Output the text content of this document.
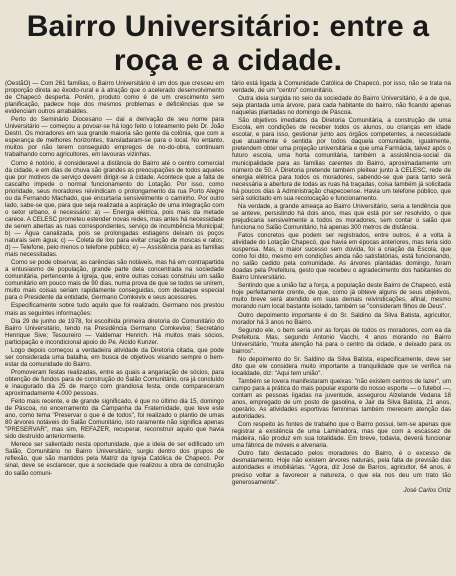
Bairro Universitário: entre a
roça e a cidade.

(OestãO) — Com 261 famílias, o Bairro Universitário é um dos que cresceu em proporção direta ao êxodo-rural e à atração que o acelerado desenvolvimento de Chapecó desperta. Porém, produto como é de um crescimento sem planificação, padece hoje dos mesmos problemas e deficiências que se evidenciam outros arrabaldes.

Perto do Seminário Diocesano — daí a derivação de seu nome para Universitário — começou a povoar-se há logo feito o loteamento pelo Dr. João Destri. Os moradores em sua grande maioria são gente da colônia, que com a esperança de melhores horizontes, transladaram-se para o local. No entanto, muitos por não terem conseguido empregos de no-do-obra, continuam trabalhando como agricultores, em lavouras vizinhas.

Como é notório, é consideravel a distância do Bairro até o centro comercial da cidade, e em dias de chuva são grandes as preocupações de todos aqueles que por motivos de serviço devem dirigir-se à cidade. Acontece que a falta de cascalho impede o normal funcionamento do Lotação. Por isso, como prioridade, seus moradores reivindicam o prolongamento da rua Porto Alegre ou da Fernando Machado, que encurtaria sensivelmente o caminho. Por outro lado, sabe-se que, para que seja realizada a aspiração de uma integração com o setor urbano, é necessário: a) — Energia elétrica, pois mais da metade carece. A CELESC prometeu estender novas redes, mas antes há necessidade de serem abertas as ruas correspondentes, serviço de incumbência Municipal; b) — Água canalizada, pois se prolongadas estiagens deixam os poços naturais sem água; c) — Coleta de lixo para evitar criação de moscas e ratos; d) — Telefone, pelo menos o telefone público; e) — Assistência para as famílias mais necessitadas.

Como se pode observar, as carências são notáveis, mas há em contrapartida a entusiasmo de população, grande parte dela concentrada na sociedade comunitária, pertencente à Igreja, que, entre outras coisas construiu um salão comunitário em pouco mais de 90 dias, numa prova de que se todos se unirem, muito mais coisas seriam rapidamente conseguidas, com destaque especial para o Presidente da entidade, Germano Comkevix e seus acessores.

Especificamente sobre tudo aquilo que foi realizado, Germano nos prestou mais as seguintes informações:

Dia 29 de junho de 1978, foi escolhida primeira diretoria do Comunitário do Bairro Universitário, tendo na Presidência Germano Comkevixe; Secretário Henrique Sive; Tesoureiro — Valdemar Henrich. Há muitos mais sócios, participação e incondicional apoio do Pe. Alcido Kunzer.

Logo depois começou a verdadeira atividade da Diretoria citada, que pode ser considerada uma batalha, em busca de objetivos visando sempre o bem-estar da comunidade do Bairro.

Promoveram festas realizadas, entre as quais a angariação de sócios, para obtenção de fundos para de construção do Salão Comunitário, ora já concluído e inaugurado dia 25 de março com grandiosa festa, onde compareceram aproximadamente 4.000 pessoas.

Feito mais recente, e de grande significado, é que no último dia 15, domingo de Páscoa, no encerramento da Campanha da Fraternidade, que teve este ano, como tema "Preservar o que é de todos", foi realizado o plantio de umas 80 árvores notáveis do Salão Comunitário, isto raramente não significa apenas "PRESERVAR", mas sim, REFAZER, recuperar, reconstruir aquilo que havia sido destruído anteriormente.

Merece ser salientado nesta oportunidade, que a ideia de ser edificado um Salão, Comunitário no Bairro Universitário, surgiu dentro dos grupos de reflexão, que são mantidos pela Matriz da Igreja Católica de Chapecó. Por sinal, deve se esclarecer, que a sociedade que realizou a obra de construção do salão comuni-

tário está ligada à Comunidade Católica de Chapecó, por isso, não se trata na verdade, de um "centro" comunitário.

Outra ideia surgida no seio da sociedade do Bairro Universitário, é a de que, seja plantada uma árvore, para cada habitante do bairro, não ficando apenas naquelas plantadas no domingo de Páscoa.

São objetivos imediatos da Diretoria Comunitária, a construção de uma Escola, em condições de receber todos os alunos, ou crianças em idade escolar, e para isso, gestionar junto aos órgãos competentes, a necessidade que atualmente é sentida por todos daquela comunidade, igualmente, pretendem obter uma projeção universitária e que uma Farmácia, talvez após o futuro escola, uma horta comunitária, também a assistência-social da municipalidade para as famílias carentes do Bairro, aproximadamente um número de 50. A Diretoria pretende também pleitear junto à CELESC, rede de energia elétrica para todos os moradores, sabendo-se que para tanto será necessária a abertura de todas as ruas há traçadas, coisa também já solicitada há poucos dias à Administração chapecoense. Havia um telefone público, que será solicitado em sua recolocação e funcionamento.

Na verdade, a grande ameaça ao Bairro Universitário, seria a tendência que se anteve, persistindo há dois anos, mas que está por ser resolvido, o que prejudicaria sensivelmente a todos os moradores, sem contar o salão que funciona no Salão Comunitário, há apenas 300 metros de distância.

Fatos concretos que podem ser registrados, entre outros, é a volta à atividade do Lotação Chapecó, que havia em épocas anteriores, mas teria sido suspensa. Mas, o maior sucesso sem dúvida, foi a criação da Escola, que como foi dito, mesmo em condições ainda não satisfatórias, está funcionando, no salão cedido pela comunidade. As árvores plantadas domingo, foram doadas pela Prefeitura, gesto que recebeu o agradecimento dos habitantes do Bairro Universitário.

Sentindo que a união faz a força, a população deste Bairro de Chapecó, está hoje perfeitamente crente, de que, como já obteve alguns de seus objetivos, muito breve será atendido em suas demais reivindicações, afinal, mesmo morando num local bastante isolado, também se "consideram filhos de Deus".

Outro depoimento importante é do Sr. Saldino da Silva Batista, agricultor, morador há 3 anos no Bairro.

Segundo ele, o bem seria unir as forças de todos os moradores, com ea da Prefeitura. Mas, segundo Antonio Vacchi, 4 anos morando no Bairro Universitário, "muita atenção há para o centro da cidade, e deixado para os bairros".

No depoimento do Sr. Saldino da Silva Batista, especificamente, deve ser dito que ele considera muito importante a tranquilidade que se verifica na localidade, diz: "Aqui tem união".

Também se lovera manifestaram queixas: "não existem centros de lazer", um campo para a prática do mais popular esporte do nosso esporte — o futebol —, contam as pessoas ligadas na juventude, assegurou Alzelande Vedana 18 anos, empregado de um posto de gasolina, e Jair da Silva Batista, 21 anos, operário. As atividades esportivas femininas também merecem atenção das autoridades.

Com respeito às fontes de trabalho que o Bairro possui, tem-se apenas que registrar a existência de uma Laminadora, mas que com a escassez de madeira, não produz em sua totalidade. Em breve, todavia, deverá funcionar uma fábrica de móveis e alvenaria.

Outro fato destacado pelos moradores do Bairro, é o excesso de desmatamento. Hoje não existem árvores naturais, pela falta de previsão das autoridades e imobiliárias. "Agora, diz José de Barros, agricultor, 64 anos, é preciso voltar a favorecer a natureza, o que ela nos deu um trato tão generosamente".

José Carlos Ortiz
